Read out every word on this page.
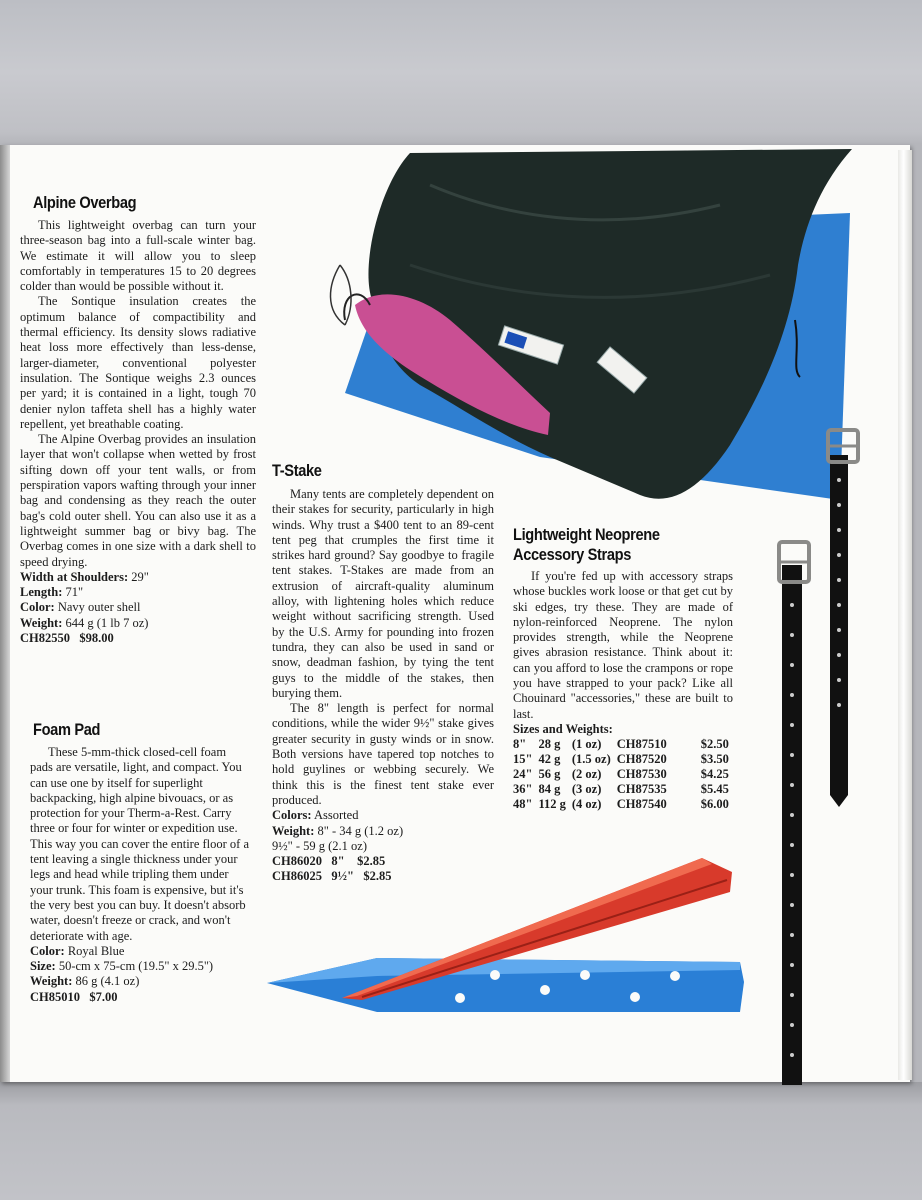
Alpine Overbag

This lightweight overbag can turn your three-season bag into a full-scale winter bag. We estimate it will allow you to sleep comfortably in temperatures 15 to 20 degrees colder than would be possible without it.

The Sontique insulation creates the optimum balance of compactibility and thermal efficiency. Its density slows radiative heat loss more effectively than less-dense, larger-diameter, conventional polyester insulation. The Sontique weighs 2.3 ounces per yard; it is contained in a light, tough 70 denier nylon taffeta shell has a highly water repellent, yet breathable coating.

The Alpine Overbag provides an insulation layer that won't collapse when wetted by frost sifting down off your tent walls, or from perspiration vapors wafting through your inner bag and condensing as they reach the outer bag's cold outer shell. You can also use it as a lightweight summer bag or bivy bag. The Overbag comes in one size with a dark shell to speed drying.

Width at Shoulders: 29"
Length: 71"
Color: Navy outer shell
Weight: 644 g (1 lb 7 oz)
CH82550 $98.00
Foam Pad

These 5-mm-thick closed-cell foam pads are versatile, light, and compact. You can use one by itself for superlight backpacking, high alpine bivouacs, or as protection for your Therm-a-Rest. Carry three or four for winter or expedition use. This way you can cover the entire floor of a tent leaving a single thickness under your legs and head while tripling them under your trunk. This foam is expensive, but it's the very best you can buy. It doesn't absorb water, doesn't freeze or crack, and won't deteriorate with age.

Color: Royal Blue
Size: 50-cm x 75-cm (19.5" x 29.5")
Weight: 86 g (4.1 oz)
CH85010 $7.00
T-Stake

Many tents are completely dependent on their stakes for security, particularly in high winds. Why trust a $400 tent to an 89-cent tent peg that crumples the first time it strikes hard ground? Say goodbye to fragile tent stakes. T-Stakes are made from an extrusion of aircraft-quality aluminum alloy, with lightening holes which reduce weight without sacrificing strength. Used by the U.S. Army for pounding into frozen tundra, they can also be used in sand or snow, deadman fashion, by tying the tent guys to the middle of the stakes, then burying them.

The 8" length is perfect for normal conditions, while the wider 9½" stake gives greater security in gusty winds or in snow. Both versions have tapered top notches to hold guylines or webbing securely. We think this is the finest tent stake ever produced.

Colors: Assorted
Weight: 8" - 34 g (1.2 oz)
9½" - 59 g (2.1 oz)
CH86020 8" $2.85
CH86025 9½" $2.85
Lightweight Neoprene
Accessory Straps

If you're fed up with accessory straps whose buckles work loose or that get cut by ski edges, try these. They are made of nylon-reinforced Neoprene. The nylon provides strength, while the Neoprene gives abrasion resistance. Think about it: can you afford to lose the crampons or rope you have strapped to your pack? Like all Chouinard "accessories," these are built to last.

Sizes and Weights:
8"	28 g	(1 oz)	CH87510	$2.50
15"	42 g	(1.5 oz)	CH87520	$3.50
24"	56 g	(2 oz)	CH87530	$4.25
36"	84 g	(3 oz)	CH87535	$5.45
48"	112 g	(4 oz)	CH87540	$6.00
